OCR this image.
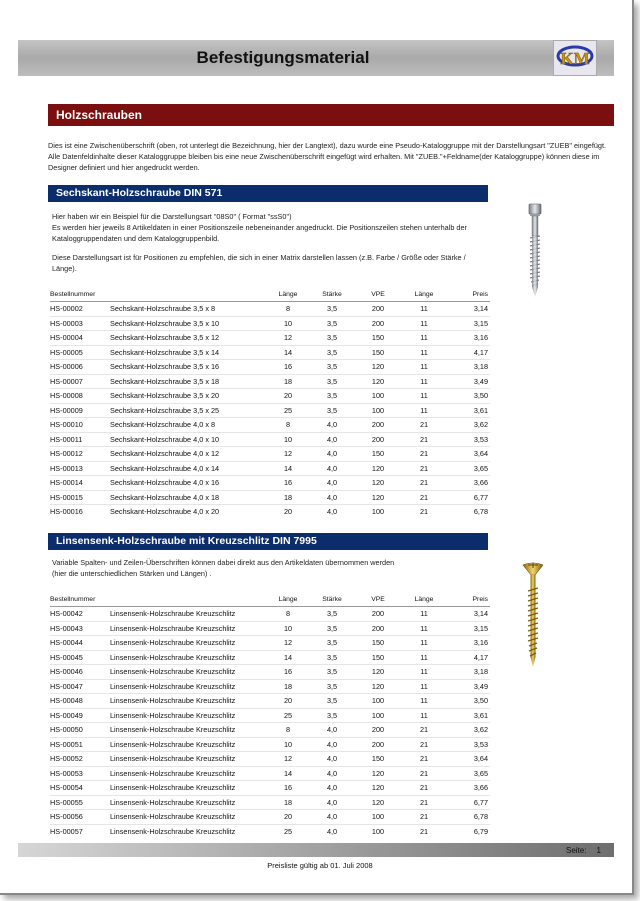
Befestigungsmaterial	KM
Holzschrauben
Dies ist eine Zwischenüberschrift (oben, rot unterlegt die Bezeichnung, hier der Langtext), dazu wurde eine Pseudo-Kataloggruppe mit der Darstellungsart "ZUEB" eingefügt. Alle Datenfeldinhalte dieser Kataloggruppe bleiben bis eine neue Zwischenüberschrift eingefügt wird erhalten. Mit "ZUEB."+Feldname(der Kataloggruppe) können diese im Designer definiert und hier angedruckt werden.
Sechskant-Holzschraube DIN 571

Hier haben wir ein Beispiel für die Darstellungsart "08S0" ( Format "ssS0")

Es werden hier jeweils 8 Artikeldaten in einer Positionszeile nebeneinander angedruckt. Die Positionszeilen stehen unterhalb der Kataloggruppendaten und dem Kataloggruppenbild.

Diese Darstellungsart ist für Positionen zu empfehlen, die sich in einer Matrix darstellen lassen (z.B. Farbe / Größe oder Stärke / Länge).

Bestellnummer		Länge	Stärke	VPE	Länge	Preis
HS-00002	Sechskant-Holzschraube 3,5 x 8	8	3,5	200	11	3,14
HS-00003	Sechskant-Holzschraube 3,5 x 10	10	3,5	200	11	3,15
HS-00004	Sechskant-Holzschraube 3,5 x 12	12	3,5	150	11	3,16
HS-00005	Sechskant-Holzschraube 3,5 x 14	14	3,5	150	11	4,17
HS-00006	Sechskant-Holzschraube 3,5 x 16	16	3,5	120	11	3,18
HS-00007	Sechskant-Holzschraube 3,5 x 18	18	3,5	120	11	3,49
HS-00008	Sechskant-Holzschraube 3,5 x 20	20	3,5	100	11	3,50
HS-00009	Sechskant-Holzschraube 3,5 x 25	25	3,5	100	11	3,61
HS-00010	Sechskant-Holzschraube 4,0 x 8	8	4,0	200	21	3,62
HS-00011	Sechskant-Holzschraube 4,0 x 10	10	4,0	200	21	3,53
HS-00012	Sechskant-Holzschraube 4,0 x 12	12	4,0	150	21	3,64
HS-00013	Sechskant-Holzschraube 4,0 x 14	14	4,0	120	21	3,65
HS-00014	Sechskant-Holzschraube 4,0 x 16	16	4,0	120	21	3,66
HS-00015	Sechskant-Holzschraube 4,0 x 18	18	4,0	120	21	6,77
HS-00016	Sechskant-Holzschraube 4,0 x 20	20	4,0	100	21	6,78
Linsensenk-Holzschraube mit Kreuzschlitz DIN 7995

Variable Spalten- und Zeilen-Überschriften können dabei direkt aus den Artikeldaten übernommen werden

(hier die unterschiedlichen Stärken und Längen) .

Bestellnummer		Länge	Stärke	VPE	Länge	Preis
HS-00042	Linsensenk-Holzschraube Kreuzschlitz	8	3,5	200	11	3,14
HS-00043	Linsensenk-Holzschraube Kreuzschlitz	10	3,5	200	11	3,15
HS-00044	Linsensenk-Holzschraube Kreuzschlitz	12	3,5	150	11	3,16
HS-00045	Linsensenk-Holzschraube Kreuzschlitz	14	3,5	150	11	4,17
HS-00046	Linsensenk-Holzschraube Kreuzschlitz	16	3,5	120	11	3,18
HS-00047	Linsensenk-Holzschraube Kreuzschlitz	18	3,5	120	11	3,49
HS-00048	Linsensenk-Holzschraube Kreuzschlitz	20	3,5	100	11	3,50
HS-00049	Linsensenk-Holzschraube Kreuzschlitz	25	3,5	100	11	3,61
HS-00050	Linsensenk-Holzschraube Kreuzschlitz	8	4,0	200	21	3,62
HS-00051	Linsensenk-Holzschraube Kreuzschlitz	10	4,0	200	21	3,53
HS-00052	Linsensenk-Holzschraube Kreuzschlitz	12	4,0	150	21	3,64
HS-00053	Linsensenk-Holzschraube Kreuzschlitz	14	4,0	120	21	3,65
HS-00054	Linsensenk-Holzschraube Kreuzschlitz	16	4,0	120	21	3,66
HS-00055	Linsensenk-Holzschraube Kreuzschlitz	18	4,0	120	21	6,77
HS-00056	Linsensenk-Holzschraube Kreuzschlitz	20	4,0	100	21	6,78
HS-00057	Linsensenk-Holzschraube Kreuzschlitz	25	4,0	100	21	6,79
Seite: 1
Preisliste gültig ab 01. Juli 2008
